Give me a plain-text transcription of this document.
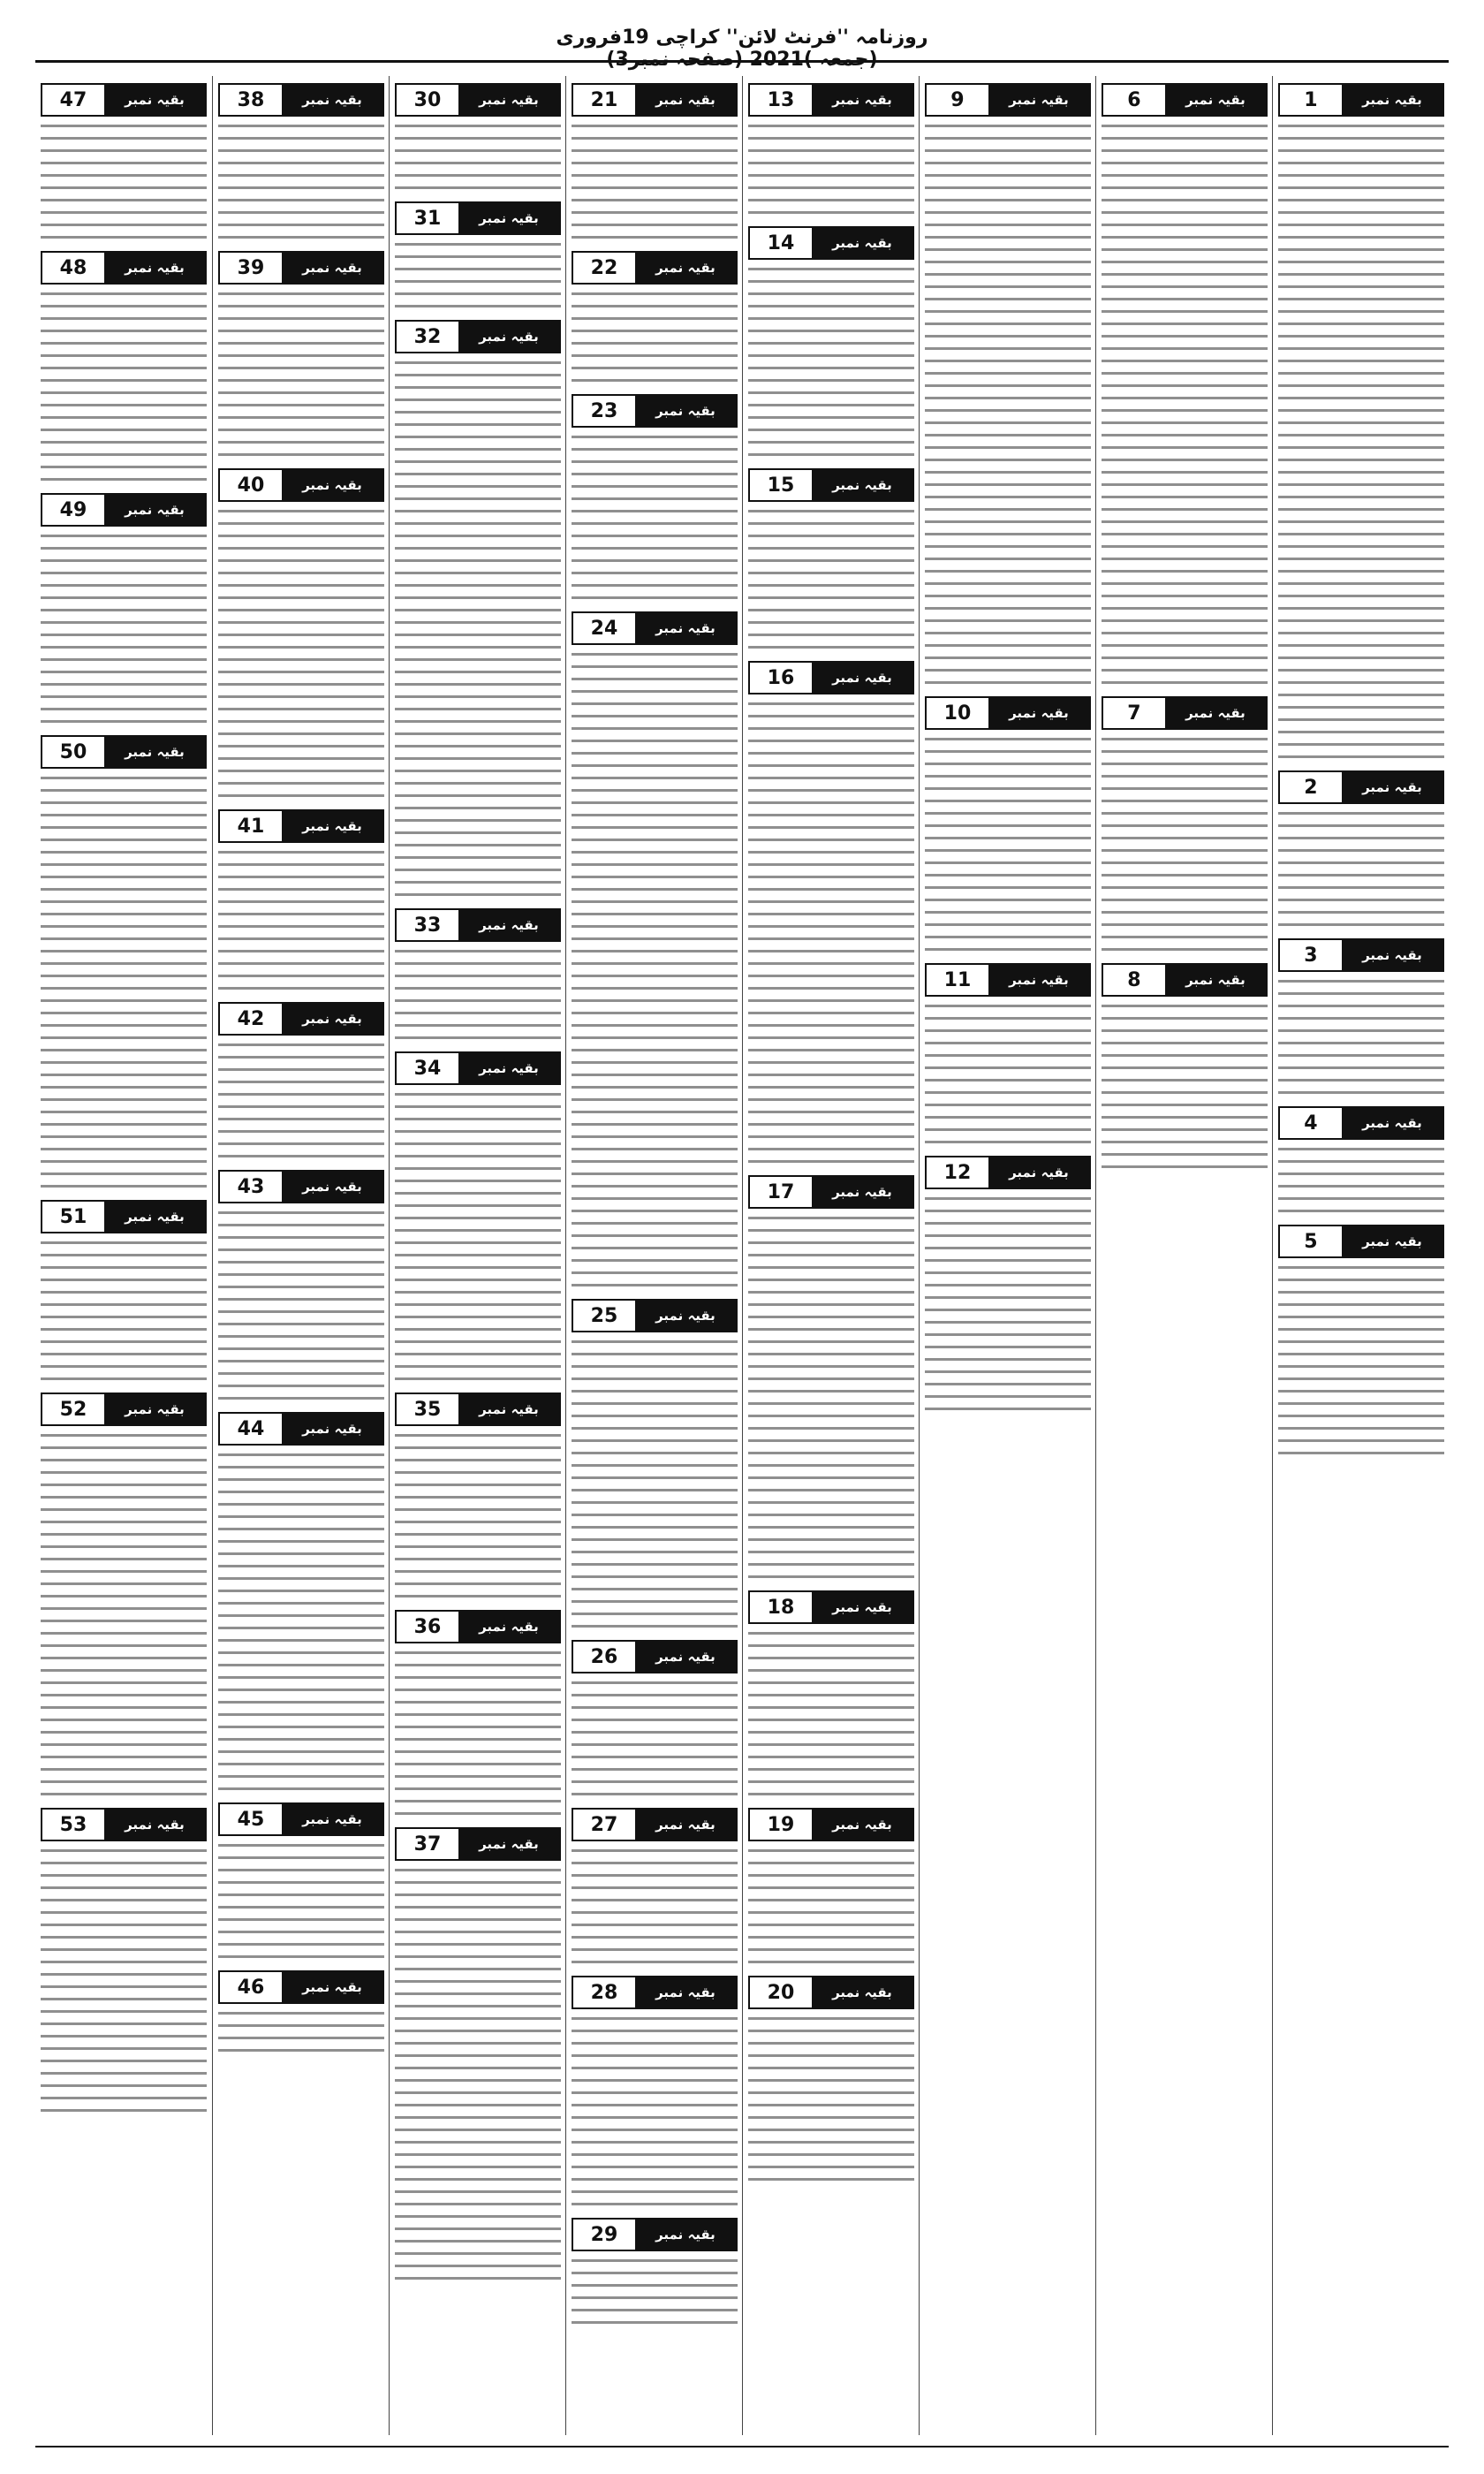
روزنامہ ''فرنٹ لائن'' کراچی 19فروری (جمعہ )2021 (صفحہ نمبر3)
1	بقیہ نمبر
2	بقیہ نمبر
3	بقیہ نمبر
4	بقیہ نمبر
5	بقیہ نمبر
6	بقیہ نمبر
7	بقیہ نمبر
8	بقیہ نمبر
9	بقیہ نمبر
10	بقیہ نمبر
11	بقیہ نمبر
12	بقیہ نمبر
13	بقیہ نمبر
14	بقیہ نمبر
15	بقیہ نمبر
16	بقیہ نمبر
17	بقیہ نمبر
18	بقیہ نمبر
19	بقیہ نمبر
20	بقیہ نمبر
21	بقیہ نمبر
22	بقیہ نمبر
23	بقیہ نمبر
24	بقیہ نمبر
25	بقیہ نمبر
26	بقیہ نمبر
27	بقیہ نمبر
28	بقیہ نمبر
29	بقیہ نمبر
30	بقیہ نمبر
31	بقیہ نمبر
32	بقیہ نمبر
33	بقیہ نمبر
34	بقیہ نمبر
35	بقیہ نمبر
36	بقیہ نمبر
37	بقیہ نمبر
38	بقیہ نمبر
39	بقیہ نمبر
40	بقیہ نمبر
41	بقیہ نمبر
42	بقیہ نمبر
43	بقیہ نمبر
44	بقیہ نمبر
45	بقیہ نمبر
46	بقیہ نمبر
47	بقیہ نمبر
48	بقیہ نمبر
49	بقیہ نمبر
50	بقیہ نمبر
51	بقیہ نمبر
52	بقیہ نمبر
53	بقیہ نمبر
